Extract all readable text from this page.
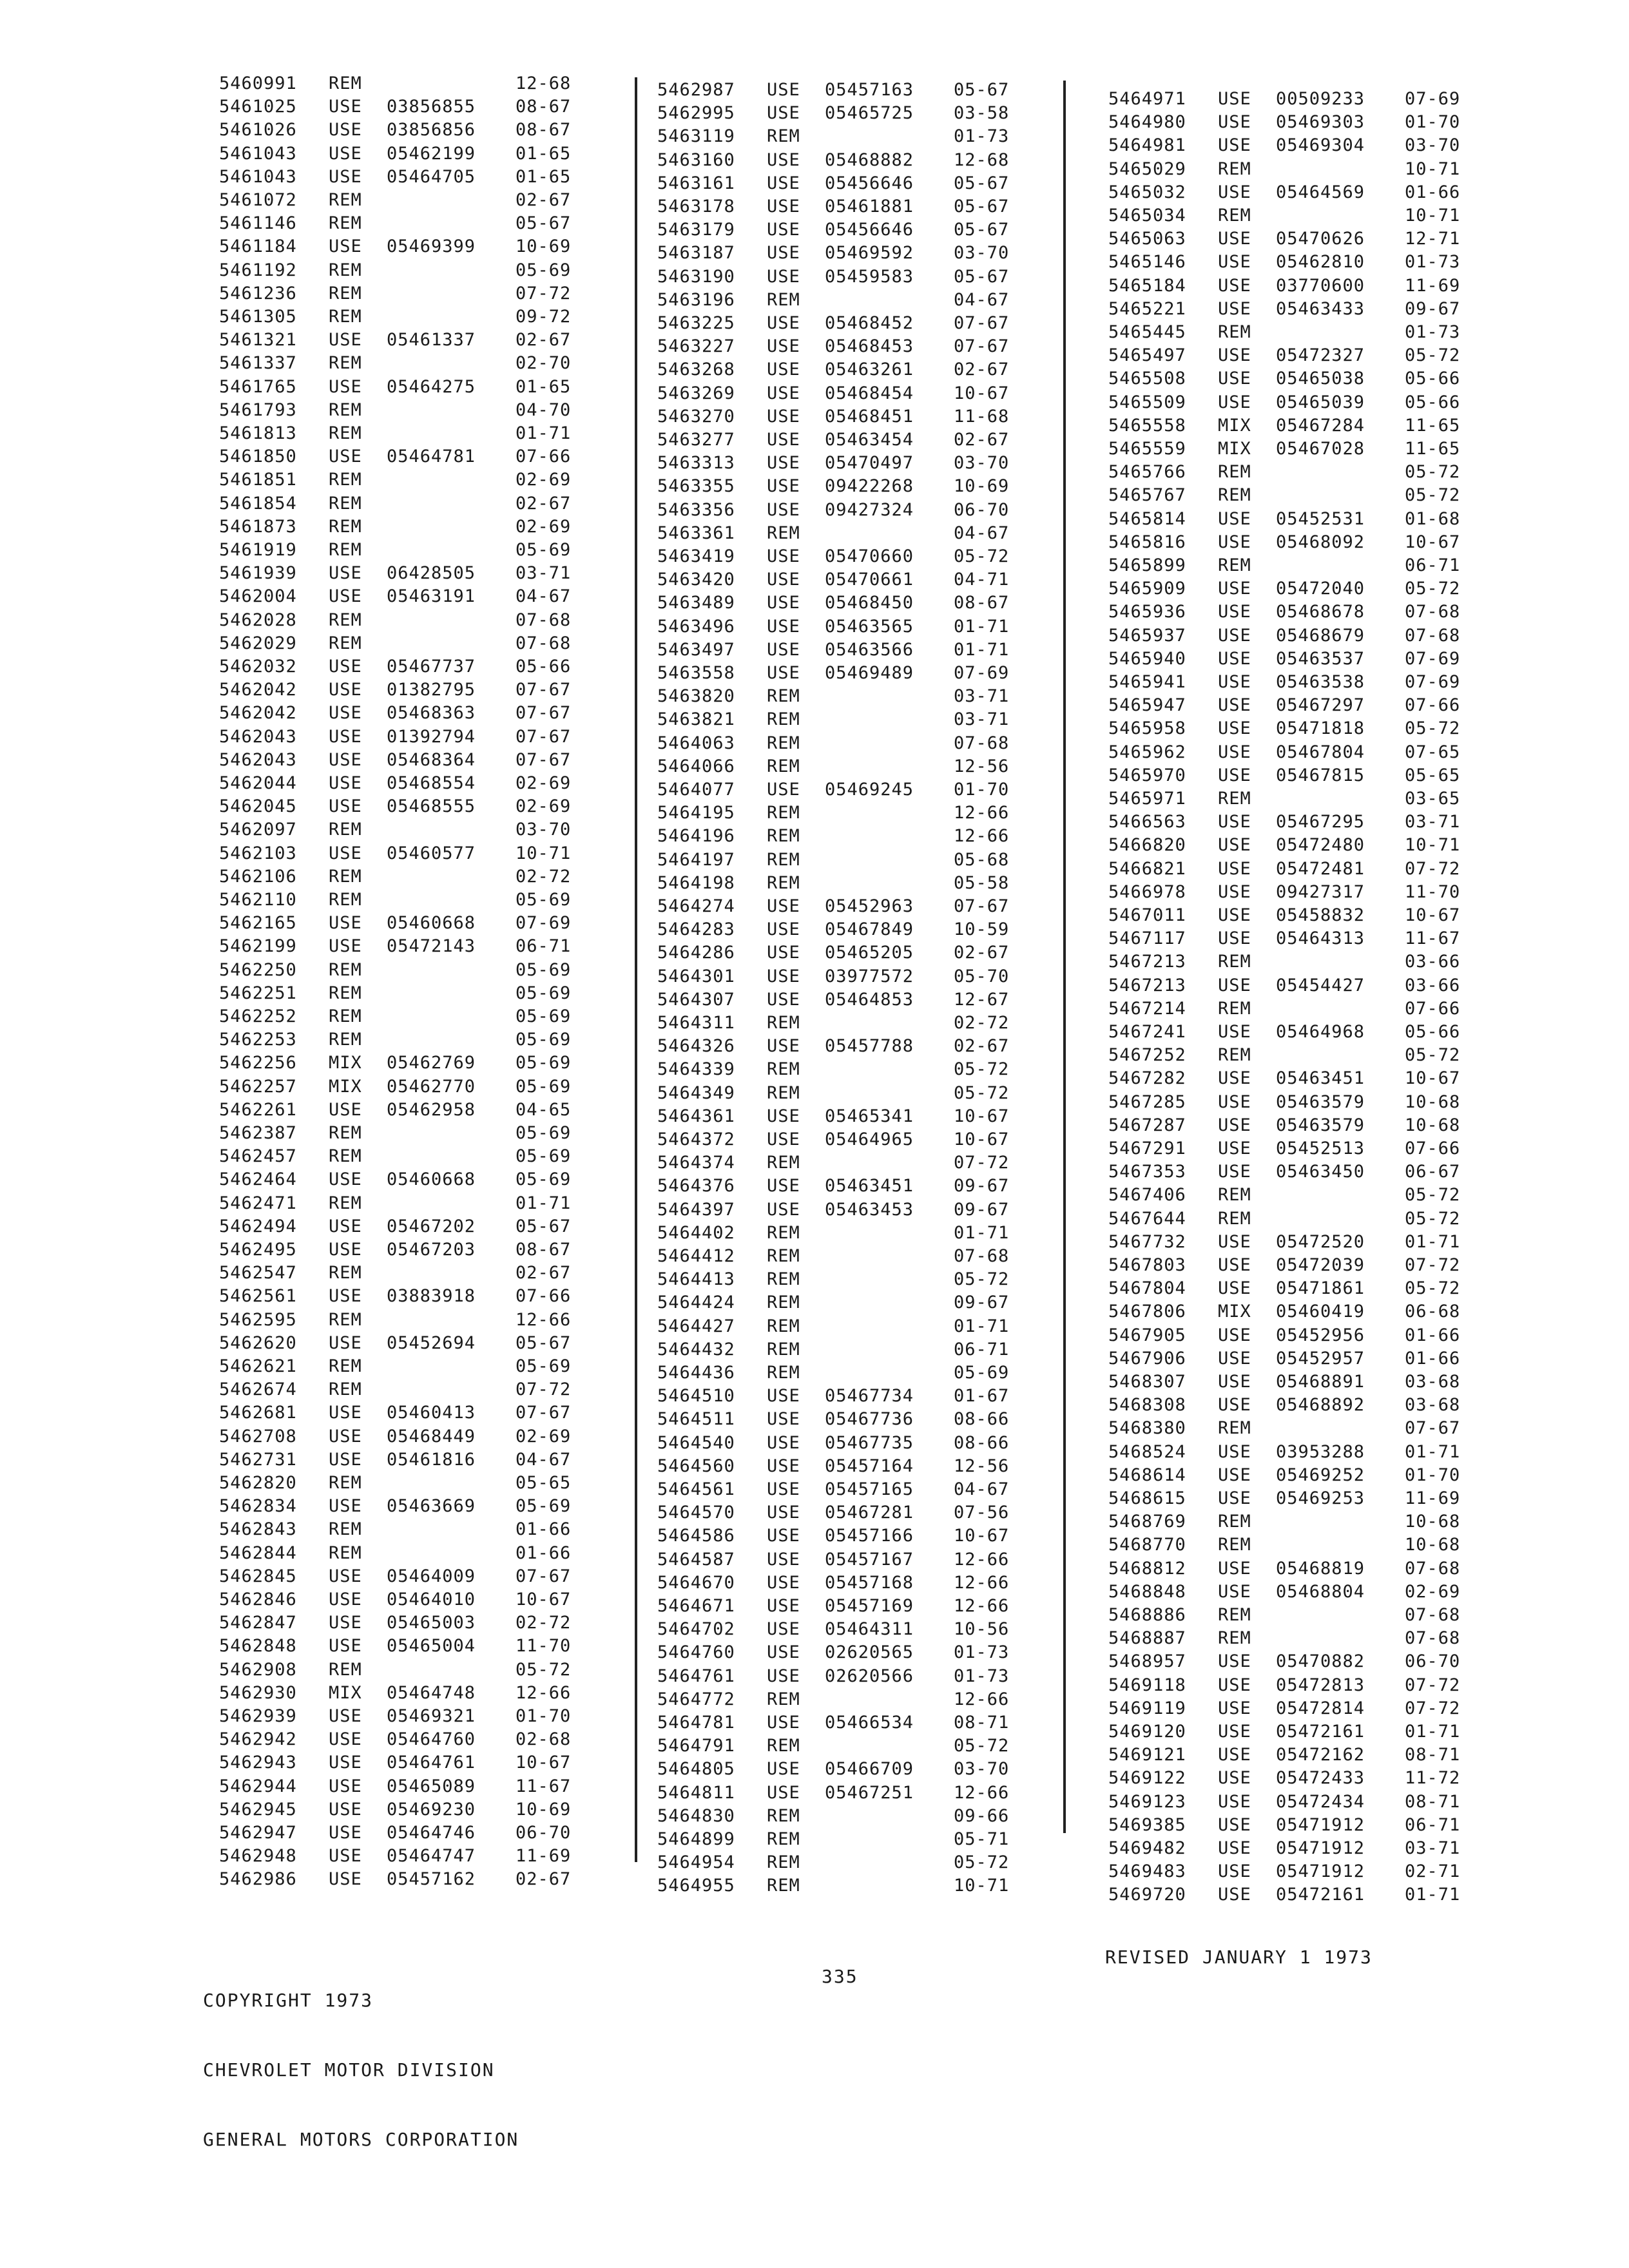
5460991 REM	12-68
5461025 USE 03856855 08-67
5461026 USE 03856856 08-67
5461043 USE 05462199 01-65
5461043 USE 05464705 01-65
5461072 REM	02-67
5461146 REM	05-67
5461184 USE 05469399 10-69
5461192 REM	05-69
5461236 REM	07-72
5461305 REM	09-72
5461321 USE 05461337 02-67
5461337 REM	02-70
5461765 USE 05464275 01-65
5461793 REM	04-70
5461813 REM	01-71
5461850 USE 05464781 07-66
5461851 REM	02-69
5461854 REM	02-67
5461873 REM	02-69
5461919 REM	05-69
5461939 USE 06428505 03-71
5462004 USE 05463191 04-67
5462028 REM	07-68
5462029 REM	07-68
5462032 USE 05467737 05-66
5462042 USE 01382795 07-67
5462042 USE 05468363 07-67
5462043 USE 01392794 07-67
5462043 USE 05468364 07-67
5462044 USE 05468554 02-69
5462045 USE 05468555 02-69
5462097 REM	03-70
5462103 USE 05460577 10-71
5462106 REM	02-72
5462110 REM	05-69
5462165 USE 05460668 07-69
5462199 USE 05472143 06-71
5462250 REM	05-69
5462251 REM	05-69
5462252 REM	05-69
5462253 REM	05-69
5462256 MIX 05462769 05-69
5462257 MIX 05462770 05-69
5462261 USE 05462958 04-65
5462387 REM	05-69
5462457 REM	05-69
5462464 USE 05460668 05-69
5462471 REM	01-71
5462494 USE 05467202 05-67
5462495 USE 05467203 08-67
5462547 REM	02-67
5462561 USE 03883918 07-66
5462595 REM	12-66
5462620 USE 05452694 05-67
5462621 REM	05-69
5462674 REM	07-72
5462681 USE 05460413 07-67
5462708 USE 05468449 02-69
5462731 USE 05461816 04-67
5462820 REM	05-65
5462834 USE 05463669 05-69
5462843 REM	01-66
5462844 REM	01-66
5462845 USE 05464009 07-67
5462846 USE 05464010 10-67
5462847 USE 05465003 02-72
5462848 USE 05465004 11-70
5462908 REM	05-72
5462930 MIX 05464748 12-66
5462939 USE 05469321 01-70
5462942 USE 05464760 02-68
5462943 USE 05464761 10-67
5462944 USE 05465089 11-67
5462945 USE 05469230 10-69
5462947 USE 05464746 06-70
5462948 USE 05464747 11-69
5462986 USE 05457162 02-67
5462987 USE 05457163 05-67
5462995 USE 05465725 03-58
5463119 REM	01-73
5463160 USE 05468882 12-68
5463161 USE 05456646 05-67
5463178 USE 05461881 05-67
5463179 USE 05456646 05-67
5463187 USE 05469592 03-70
5463190 USE 05459583 05-67
5463196 REM	04-67
5463225 USE 05468452 07-67
5463227 USE 05468453 07-67
5463268 USE 05463261 02-67
5463269 USE 05468454 10-67
5463270 USE 05468451 11-68
5463277 USE 05463454 02-67
5463313 USE 05470497 03-70
5463355 USE 09422268 10-69
5463356 USE 09427324 06-70
5463361 REM	04-67
5463419 USE 05470660 05-72
5463420 USE 05470661 04-71
5463489 USE 05468450 08-67
5463496 USE 05463565 01-71
5463497 USE 05463566 01-71
5463558 USE 05469489 07-69
5463820 REM	03-71
5463821 REM	03-71
5464063 REM	07-68
5464066 REM	12-56
5464077 USE 05469245 01-70
5464195 REM	12-66
5464196 REM	12-66
5464197 REM	05-68
5464198 REM	05-58
5464274 USE 05452963 07-67
5464283 USE 05467849 10-59
5464286 USE 05465205 02-67
5464301 USE 03977572 05-70
5464307 USE 05464853 12-67
5464311 REM	02-72
5464326 USE 05457788 02-67
5464339 REM	05-72
5464349 REM	05-72
5464361 USE 05465341 10-67
5464372 USE 05464965 10-67
5464374 REM	07-72
5464376 USE 05463451 09-67
5464397 USE 05463453 09-67
5464402 REM	01-71
5464412 REM	07-68
5464413 REM	05-72
5464424 REM	09-67
5464427 REM	01-71
5464432 REM	06-71
5464436 REM	05-69
5464510 USE 05467734 01-67
5464511 USE 05467736 08-66
5464540 USE 05467735 08-66
5464560 USE 05457164 12-56
5464561 USE 05457165 04-67
5464570 USE 05467281 07-56
5464586 USE 05457166 10-67
5464587 USE 05457167 12-66
5464670 USE 05457168 12-66
5464671 USE 05457169 12-66
5464702 USE 05464311 10-56
5464760 USE 02620565 01-73
5464761 USE 02620566 01-73
5464772 REM	12-66
5464781 USE 05466534 08-71
5464791 REM	05-72
5464805 USE 05466709 03-70
5464811 USE 05467251 12-66
5464830 REM	09-66
5464899 REM	05-71
5464954 REM	05-72
5464955 REM	10-71
5464971 USE 00509233 07-69
5464980 USE 05469303 01-70
5464981 USE 05469304 03-70
5465029 REM	10-71
5465032 USE 05464569 01-66
5465034 REM	10-71
5465063 USE 05470626 12-71
5465146 USE 05462810 01-73
5465184 USE 03770600 11-69
5465221 USE 05463433 09-67
5465445 REM	01-73
5465497 USE 05472327 05-72
5465508 USE 05465038 05-66
5465509 USE 05465039 05-66
5465558 MIX 05467284 11-65
5465559 MIX 05467028 11-65
5465766 REM	05-72
5465767 REM	05-72
5465814 USE 05452531 01-68
5465816 USE 05468092 10-67
5465899 REM	06-71
5465909 USE 05472040 05-72
5465936 USE 05468678 07-68
5465937 USE 05468679 07-68
5465940 USE 05463537 07-69
5465941 USE 05463538 07-69
5465947 USE 05467297 07-66
5465958 USE 05471818 05-72
5465962 USE 05467804 07-65
5465970 USE 05467815 05-65
5465971 REM	03-65
5466563 USE 05467295 03-71
5466820 USE 05472480 10-71
5466821 USE 05472481 07-72
5466978 USE 09427317 11-70
5467011 USE 05458832 10-67
5467117 USE 05464313 11-67
5467213 REM	03-66
5467213 USE 05454427 03-66
5467214 REM	07-66
5467241 USE 05464968 05-66
5467252 REM	05-72
5467282 USE 05463451 10-67
5467285 USE 05463579 10-68
5467287 USE 05463579 10-68
5467291 USE 05452513 07-66
5467353 USE 05463450 06-67
5467406 REM	05-72
5467644 REM	05-72
5467732 USE 05472520 01-71
5467803 USE 05472039 07-72
5467804 USE 05471861 05-72
5467806 MIX 05460419 06-68
5467905 USE 05452956 01-66
5467906 USE 05452957 01-66
5468307 USE 05468891 03-68
5468308 USE 05468892 03-68
5468380 REM	07-67
5468524 USE 03953288 01-71
5468614 USE 05469252 01-70
5468615 USE 05469253 11-69
5468769 REM	10-68
5468770 REM	10-68
5468812 USE 05468819 07-68
5468848 USE 05468804 02-69
5468886 REM	07-68
5468887 REM	07-68
5468957 USE 05470882 06-70
5469118 USE 05472813 07-72
5469119 USE 05472814 07-72
5469120 USE 05472161 01-71
5469121 USE 05472162 08-71
5469122 USE 05472433 11-72
5469123 USE 05472434 08-71
5469385 USE 05471912 06-71
5469482 USE 05471912 03-71
5469483 USE 05471912 02-71
5469720 USE 05472161 01-71

COPYRIGHT 1973

CHEVROLET MOTOR DIVISION

GENERAL MOTORS CORPORATION

335
REVISED JANUARY 1 1973
